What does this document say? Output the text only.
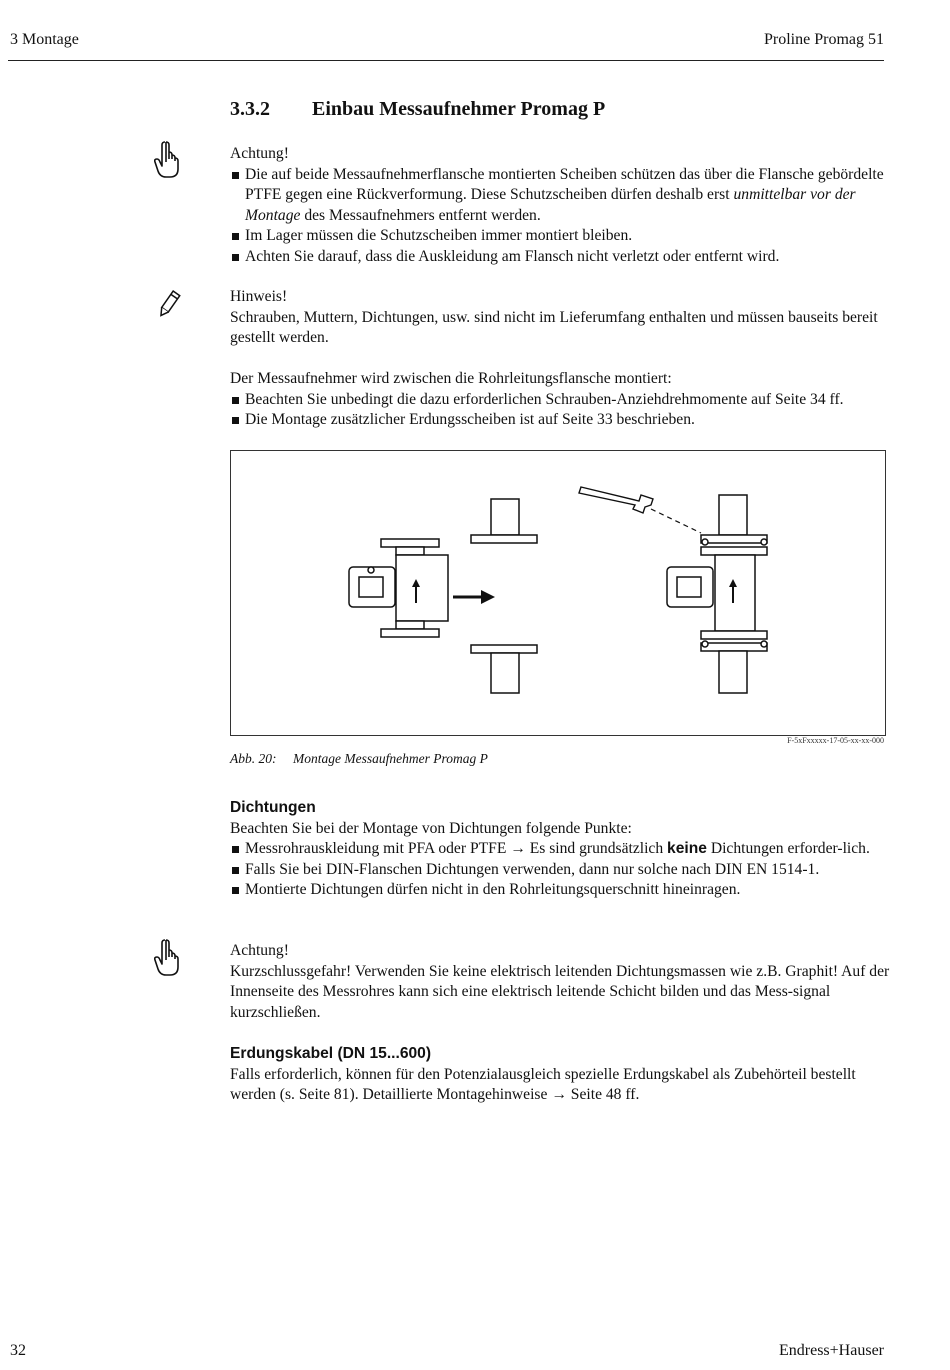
3 Montage	Proline Promag 51
3.3.2 Einbau Messaufnehmer Promag P

Achtung!

Die auf beide Messaufnehmerflansche montierten Scheiben schützen das über die Flansche gebördelte PTFE gegen eine Rückverformung. Diese Schutzscheiben dürfen deshalb erst unmittelbar vor der Montage des Messaufnehmers entfernt werden.
Im Lager müssen die Schutzscheiben immer montiert bleiben.
Achten Sie darauf, dass die Auskleidung am Flansch nicht verletzt oder entfernt wird.

Hinweis!

Schrauben, Muttern, Dichtungen, usw. sind nicht im Lieferumfang enthalten und müssen bauseits bereit gestellt werden.

Der Messaufnehmer wird zwischen die Rohrleitungsflansche montiert:

Beachten Sie unbedingt die dazu erforderlichen Schrauben-Anziehdrehmomente auf Seite 34 ff.
Die Montage zusätzlicher Erdungsscheiben ist auf Seite 33 beschrieben.
F-5xFxxxxx-17-05-xx-xx-000
Abb. 20: Montage Messaufnehmer Promag P

Dichtungen

Beachten Sie bei der Montage von Dichtungen folgende Punkte:

Messrohrauskleidung mit PFA oder PTFE → Es sind grundsätzlich keine Dichtungen erforder-lich.
Falls Sie bei DIN-Flanschen Dichtungen verwenden, dann nur solche nach DIN EN 1514-1.
Montierte Dichtungen dürfen nicht in den Rohrleitungsquerschnitt hineinragen.

Achtung!

Kurzschlussgefahr! Verwenden Sie keine elektrisch leitenden Dichtungsmassen wie z.B. Graphit! Auf der Innenseite des Messrohres kann sich eine elektrisch leitende Schicht bilden und das Mess-signal kurzschließen.

Erdungskabel (DN 15...600)

Falls erforderlich, können für den Potenzialausgleich spezielle Erdungskabel als Zubehörteil bestellt werden (s. Seite 81). Detaillierte Montagehinweise → Seite 48 ff.

32	Endress+Hauser
